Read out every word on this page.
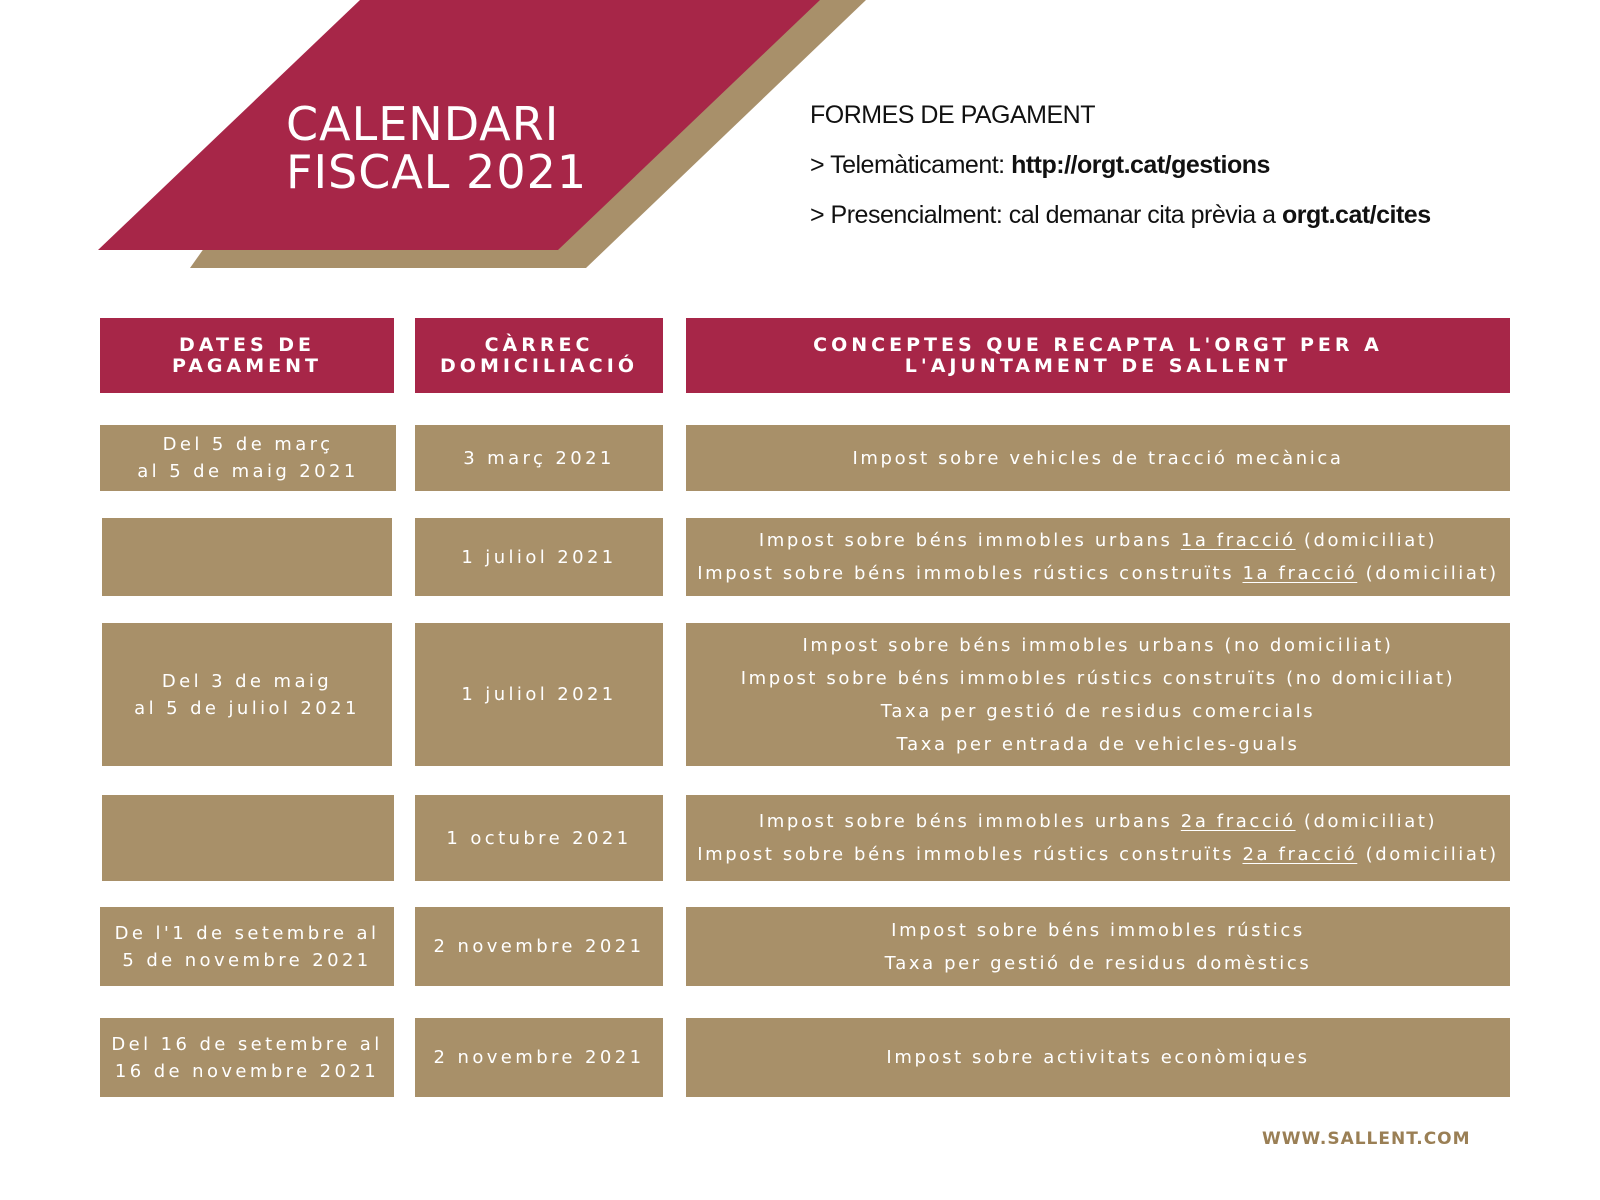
CALENDARI
FISCAL 2021
FORMES DE PAGAMENT
> Telemàticament: http://orgt.cat/gestions
> Presencialment: cal demanar cita prèvia a orgt.cat/cites
DATES DE PAGAMENT
CÀRREC DOMICILIACIÓ
CONCEPTES QUE RECAPTA L'ORGT PER A
L'AJUNTAMENT DE SALLENT
Del 5 de març
al 5 de maig 2021
3 març 2021	Impost sobre vehicles de tracció mecànica
1 juliol 2021
Impost sobre béns immobles urbans 1a fracció (domiciliat)
Impost sobre béns immobles rústics construïts 1a fracció (domiciliat)
Del 3 de maig
al 5 de juliol 2021
1 juliol 2021
Impost sobre béns immobles urbans (no domiciliat)
Impost sobre béns immobles rústics construïts (no domiciliat)
Taxa per gestió de residus comercials
Taxa per entrada de vehicles-guals
1 octubre 2021
Impost sobre béns immobles urbans 2a fracció (domiciliat)
Impost sobre béns immobles rústics construïts 2a fracció (domiciliat)
De l'1 de setembre al
5 de novembre 2021
2 novembre 2021
Impost sobre béns immobles rústics
Taxa per gestió de residus domèstics
Del 16 de setembre al
16 de novembre 2021
2 novembre 2021	Impost sobre activitats econòmiques
WWW.SALLENT.COM
